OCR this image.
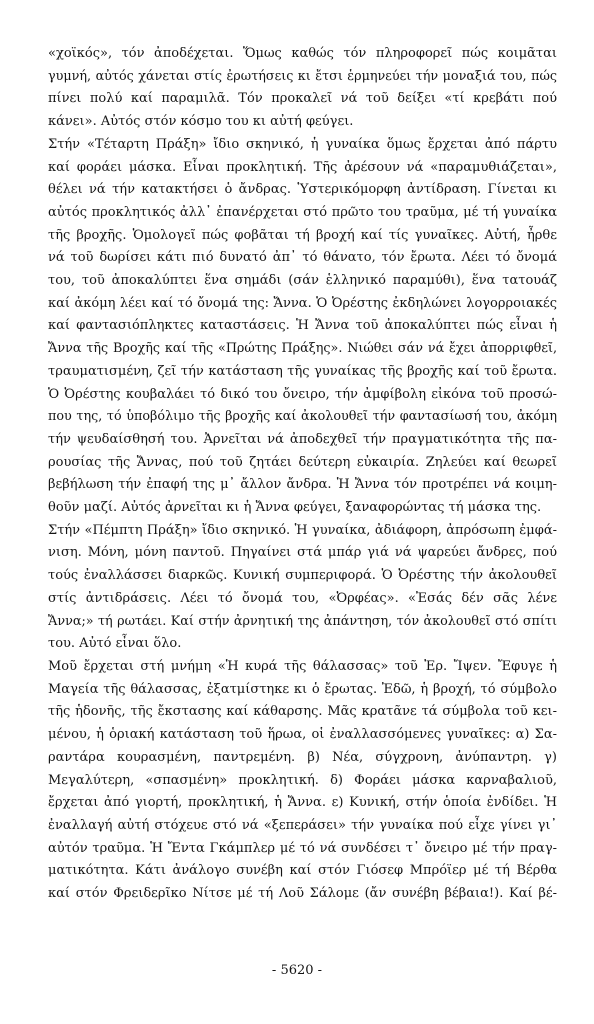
«χοϊκός», τόν ἀποδέχεται. Ὅμως καθώς τόν πληροφορεῖ πώς κοιμᾶται
γυμνή, αὐτός χάνεται στίς ἐρωτήσεις κι ἔτσι ἑρμηνεύει τήν μοναξιά του, πώς
πίνει πολύ καί παραμιλᾶ. Τόν προκαλεῖ νά τοῦ δείξει «τί κρεβάτι πού
κάνει». Αὐτός στόν κόσμο του κι αὐτή φεύγει.
Στήν «Τέταρτη Πράξη» ἴδιο σκηνικό, ἡ γυναίκα ὅμως ἔρχεται ἀπό πάρτυ
καί φοράει μάσκα. Εἶναι προκλητική. Τῆς ἀρέσουν νά «παραμυθιάζεται»,
θέλει νά τήν κατακτήσει ὁ ἄνδρας. Ὑστερικόμορφη ἀντίδραση. Γίνεται κι
αὐτός προκλητικός ἀλλ᾽ ἐπανέρχεται στό πρῶτο του τραῦμα, μέ τή γυναίκα
τῆς βροχῆς. Ὁμολογεῖ πώς φοβᾶται τή βροχή καί τίς γυναῖκες. Αὐτή, ἦρθε
νά τοῦ δωρίσει κάτι πιό δυνατό ἀπ᾽ τό θάνατο, τόν ἔρωτα. Λέει τό ὄνομά
του, τοῦ ἀποκαλύπτει ἕνα σημάδι (σάν ἑλληνικό παραμύθι), ἕνα τατουάζ
καί ἀκόμη λέει καί τό ὄνομά της: Ἄννα. Ὁ Ὀρέστης ἐκδηλώνει λογορροιακές
καί φαντασιόπληκτες καταστάσεις. Ἡ Ἄννα τοῦ ἀποκαλύπτει πώς εἶναι ἡ
Ἄννα τῆς Βροχῆς καί τῆς «Πρώτης Πράξης». Νιώθει σάν νά ἔχει ἀπορριφθεῖ,
τραυματισμένη, ζεῖ τήν κατάσταση τῆς γυναίκας τῆς βροχῆς καί τοῦ ἔρωτα.
Ὁ Ὀρέστης κουβαλάει τό δικό του ὄνειρο, τήν ἀμφίβολη εἰκόνα τοῦ προσώ-
που της, τό ὑποβόλιμο τῆς βροχῆς καί ἀκολουθεῖ τήν φαντασίωσή του, ἀκόμη
τήν ψευδαίσθησή του. Ἀρνεῖται νά ἀποδεχθεῖ τήν πραγματικότητα τῆς πα-
ρουσίας τῆς Ἄννας, πού τοῦ ζητάει δεύτερη εὐκαιρία. Ζηλεύει καί θεωρεῖ
βεβήλωση τήν ἐπαφή της μ᾽ ἄλλον ἄνδρα. Ἡ Ἄννα τόν προτρέπει νά κοιμη-
θοῦν μαζί. Αὐτός ἀρνεῖται κι ἡ Ἄννα φεύγει, ξαναφορώντας τή μάσκα της.
Στήν «Πέμπτη Πράξη» ἴδιο σκηνικό. Ἡ γυναίκα, ἀδιάφορη, ἀπρόσωπη ἐμφά-
νιση. Μόνη, μόνη παντοῦ. Πηγαίνει στά μπάρ γιά νά ψαρεύει ἄνδρες, πού
τούς ἐναλλάσσει διαρκῶς. Κυνική συμπεριφορά. Ὁ Ὀρέστης τήν ἀκολουθεῖ
στίς ἀντιδράσεις. Λέει τό ὄνομά του, «Ὀρφέας». «Ἐσάς δέν σᾶς λένε
Ἄννα;» τή ρωτάει. Καί στήν ἀρνητική της ἀπάντηση, τόν ἀκολουθεῖ στό σπίτι
του. Αὐτό εἶναι ὅλο.
Μοῦ ἔρχεται στή μνήμη «Ἡ κυρά τῆς θάλασσας» τοῦ Ἐρ. Ἴψεν. Ἔφυγε ἡ
Μαγεία τῆς θάλασσας, ἐξατμίστηκε κι ὁ ἔρωτας. Ἐδῶ, ἡ βροχή, τό σύμβολο
τῆς ἡδονῆς, τῆς ἔκστασης καί κάθαρσης. Μᾶς κρατᾶνε τά σύμβολα τοῦ κει-
μένου, ἡ ὁριακή κατάσταση τοῦ ἥρωα, οἱ ἐναλλασσόμενες γυναῖκες: α) Σα-
ραντάρα κουρασμένη, παντρεμένη. β) Νέα, σύγχρονη, ἀνύπαντρη. γ)
Μεγαλύτερη, «σπασμένη» προκλητική. δ) Φοράει μάσκα καρναβαλιοῦ,
ἔρχεται ἀπό γιορτή, προκλητική, ἡ Ἄννα. ε) Κυνική, στήν ὁποία ἐνδίδει. Ἡ
ἐναλλαγή αὐτή στόχευε στό νά «ξεπεράσει» τήν γυναίκα πού εἶχε γίνει γι᾽
αὐτόν τραῦμα. Ἡ Ἔντα Γκάμπλερ μέ τό νά συνδέσει τ᾽ ὄνειρο μέ τήν πραγ-
ματικότητα. Κάτι ἀνάλογο συνέβη καί στόν Γιόσεφ Μπρόϊερ μέ τή Βέρθα
καί στόν Φρειδερῖκο Νίτσε μέ τή Λοῦ Σάλομε (ἄν συνέβη βέβαια!). Καί βέ-
- 5620 -
